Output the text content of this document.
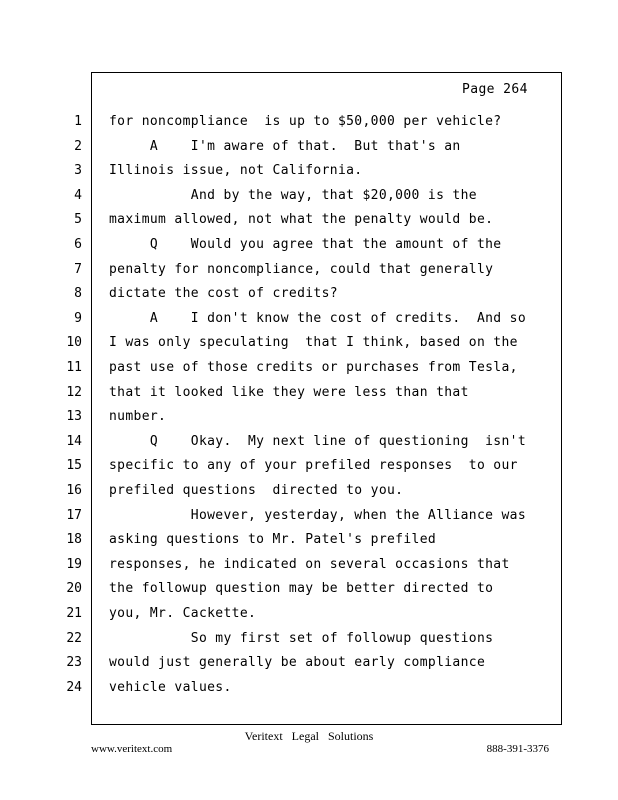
Page 264
1 for noncompliance  is up to $50,000 per vehicle?
2 A    I'm aware of that.  But that's an
3 Illinois issue, not California.
4 And by the way, that $20,000 is the
5 maximum allowed, not what the penalty would be.
6 Q    Would you agree that the amount of the
7 penalty for noncompliance, could that generally
8 dictate the cost of credits?
9 A    I don't know the cost of credits.  And so
10 I was only speculating  that I think, based on the
11 past use of those credits or purchases from Tesla,
12 that it looked like they were less than that
13 number.
14 Q    Okay.  My next line of questioning  isn't
15 specific to any of your prefiled responses  to our
16 prefiled questions  directed to you.
17 However, yesterday, when the Alliance was
18 asking questions to Mr. Patel's prefiled
19 responses, he indicated on several occasions that
20 the followup question may be better directed to
21 you, Mr. Cackette.
22 So my first set of followup questions
23 would just generally be about early compliance
24 vehicle values.
Veritext Legal Solutions
www.veritext.com	888-391-3376
